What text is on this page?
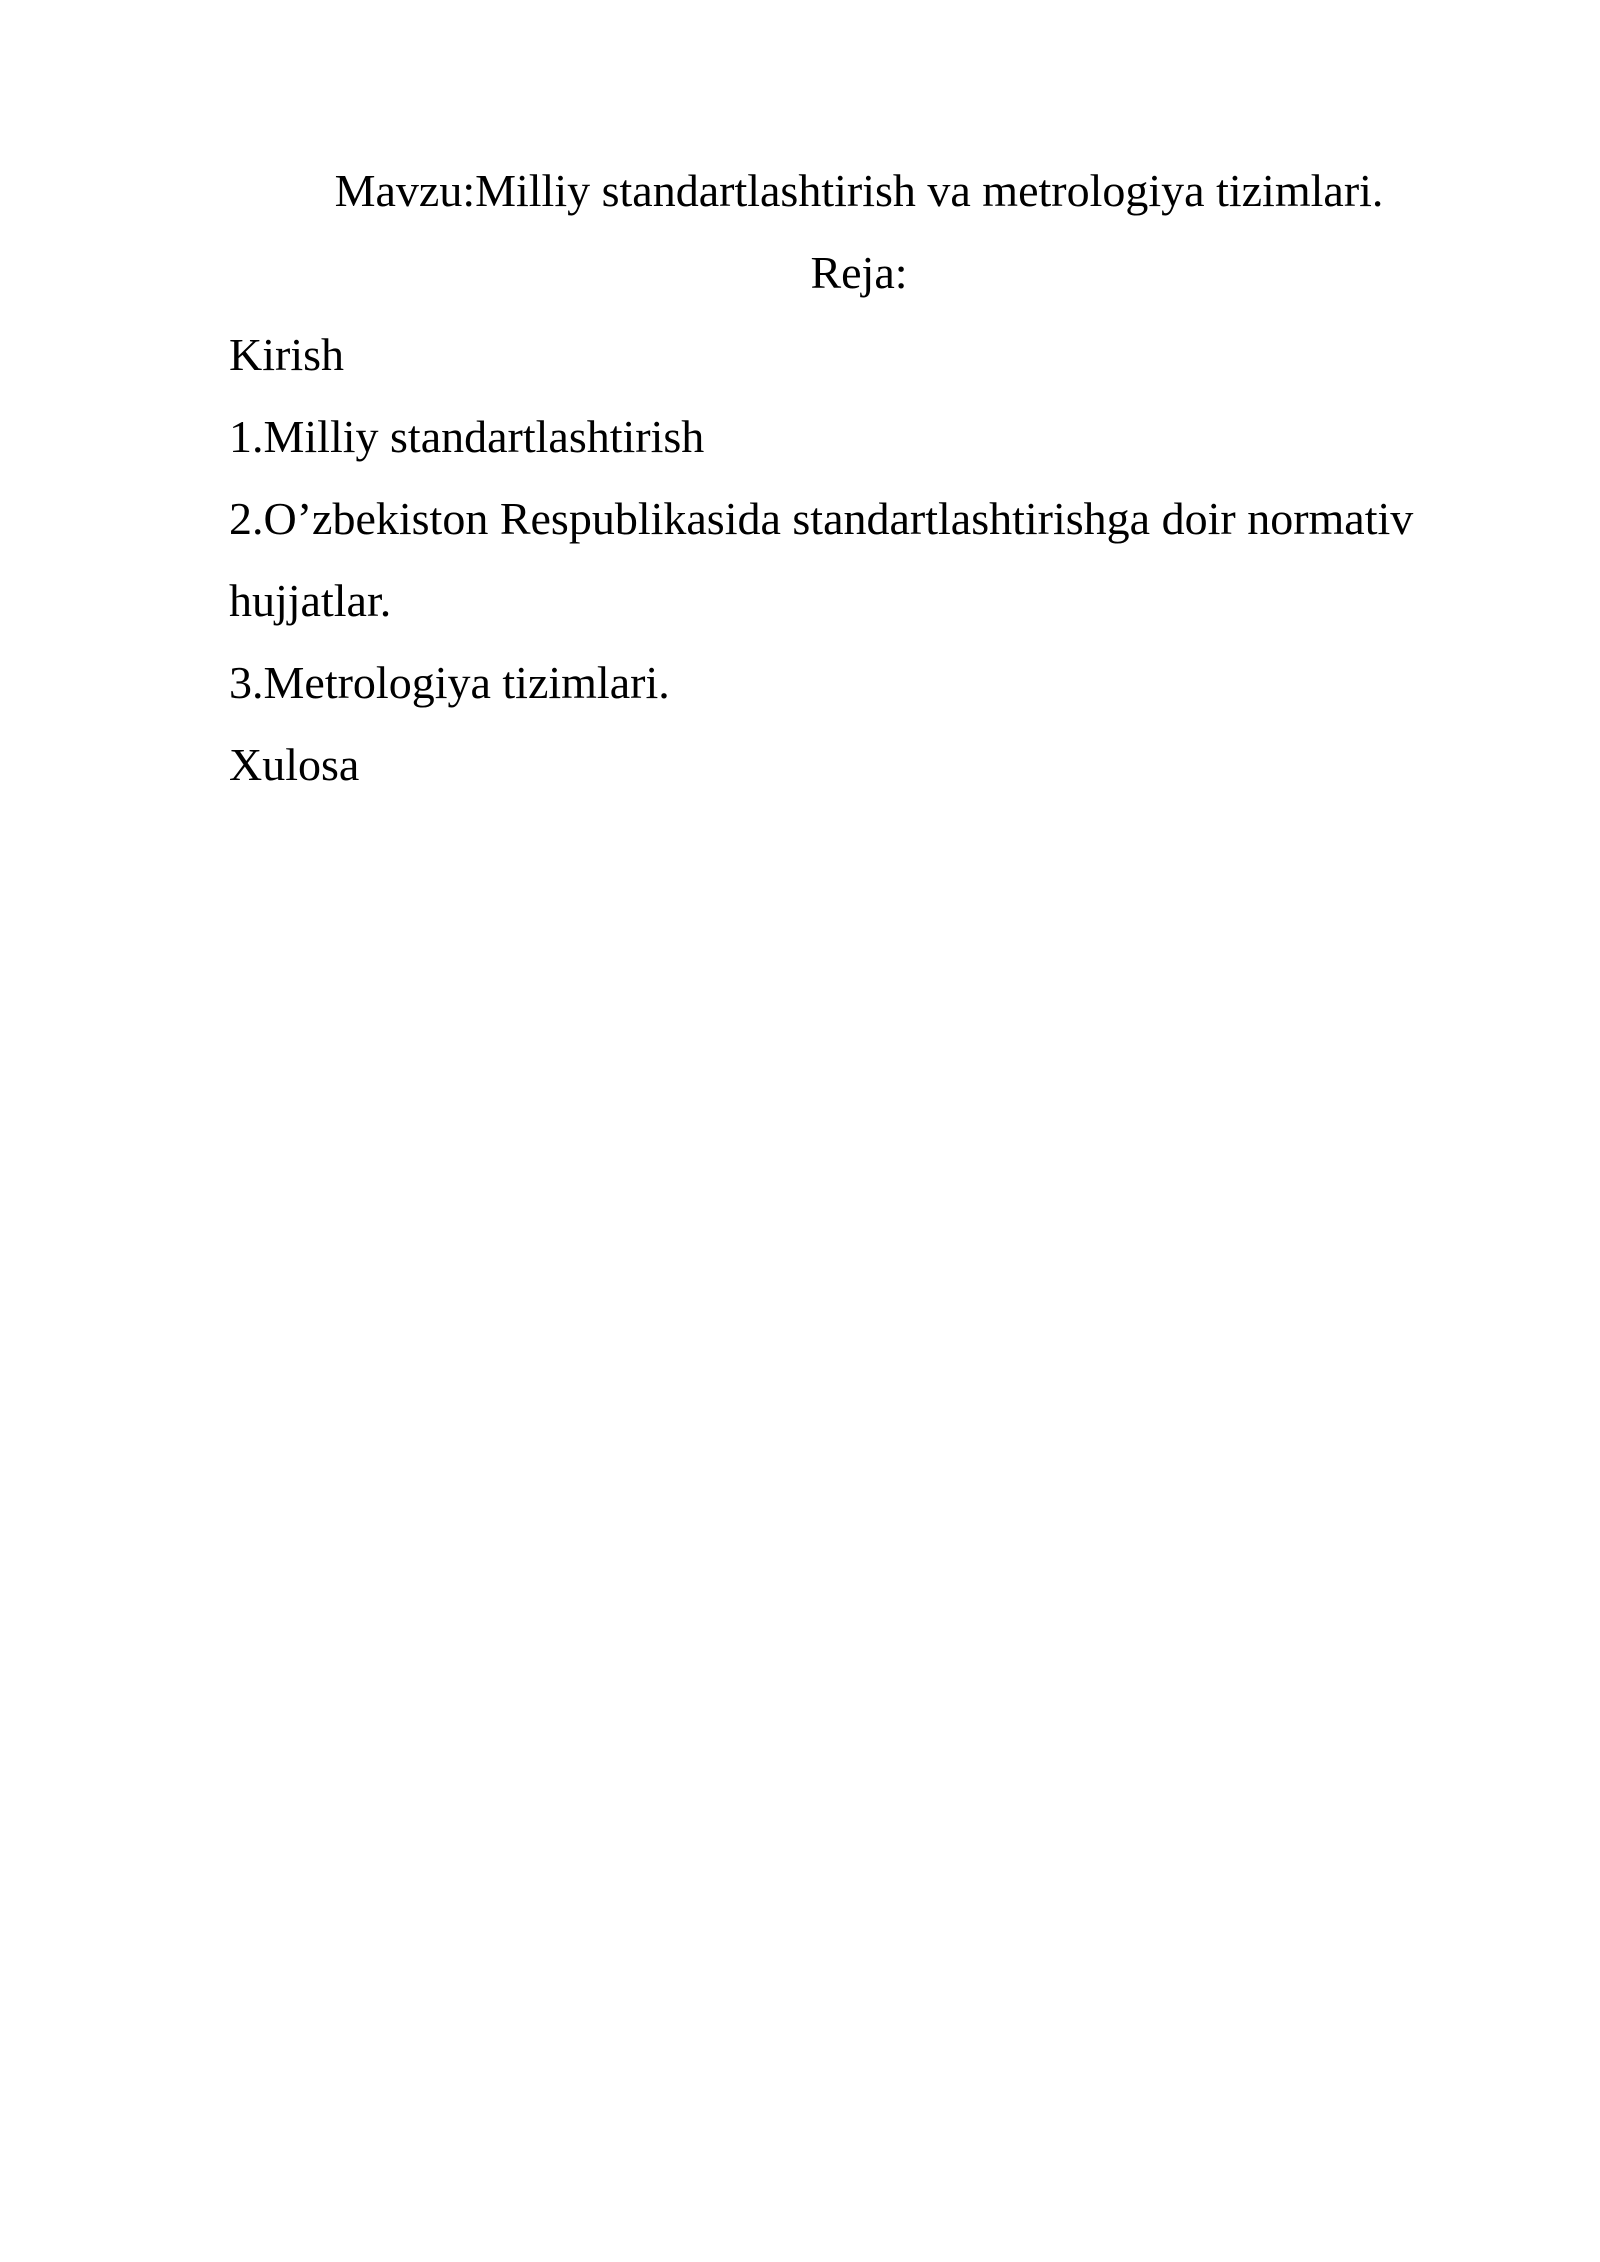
Mavzu:Milliy standartlashtirish va metrologiya tizimlari.

Reja:

Kirish

1.Milliy standartlashtirish

2.O’zbekiston Respublikasida standartlashtirishga doir normativ

hujjatlar.

3.Metrologiya tizimlari.

Xulosa
